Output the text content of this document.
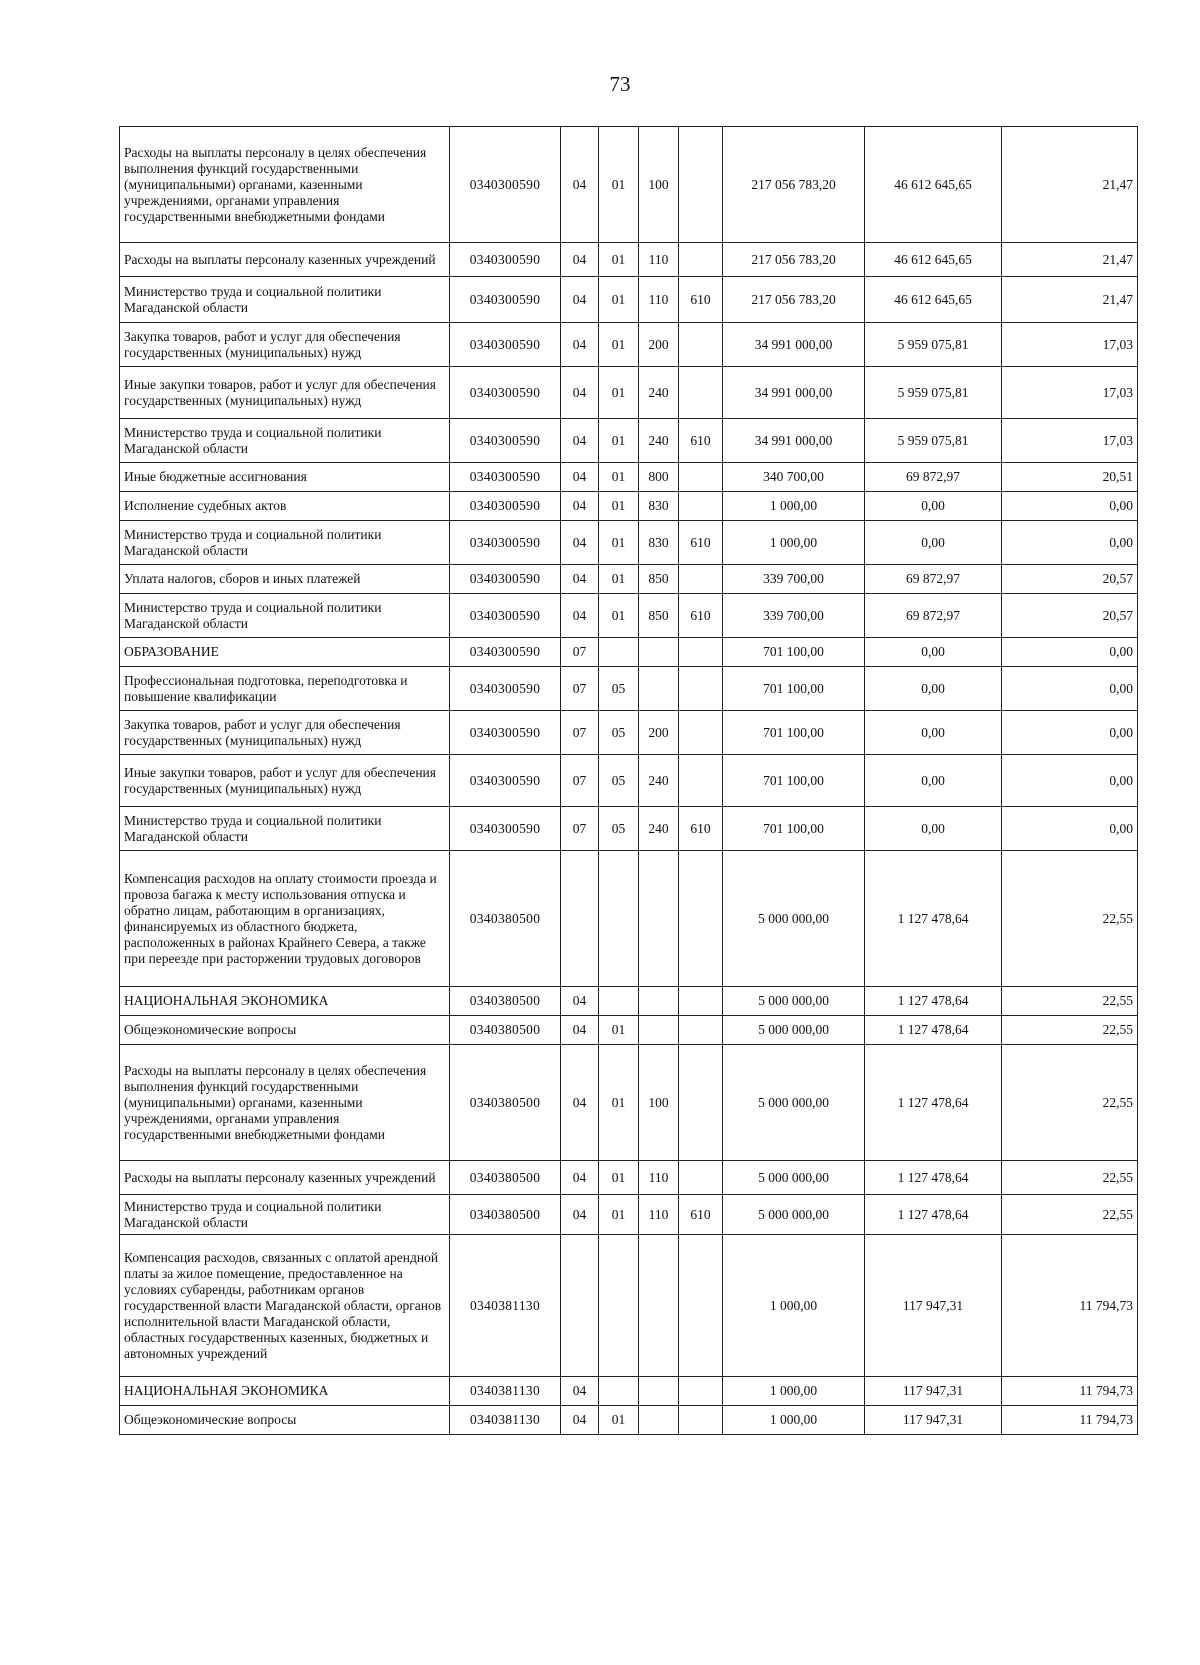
73
Расходы на выплаты персоналу в целях обеспечения выполнения функций государственными (муниципальными) органами, казенными учреждениями, органами управления государственными внебюджетными фондами	0340300590	04	01	100		217 056 783,20	46 612 645,65	21,47
Расходы на выплаты персоналу казенных учреждений	0340300590	04	01	110		217 056 783,20	46 612 645,65	21,47
Министерство труда и социальной политики Магаданской области	0340300590	04	01	110	610	217 056 783,20	46 612 645,65	21,47
Закупка товаров, работ и услуг для обеспечения государственных (муниципальных) нужд	0340300590	04	01	200		34 991 000,00	5 959 075,81	17,03
Иные закупки товаров, работ и услуг для обеспечения государственных (муниципальных) нужд	0340300590	04	01	240		34 991 000,00	5 959 075,81	17,03
Министерство труда и социальной политики Магаданской области	0340300590	04	01	240	610	34 991 000,00	5 959 075,81	17,03
Иные бюджетные ассигнования	0340300590	04	01	800		340 700,00	69 872,97	20,51
Исполнение судебных актов	0340300590	04	01	830		1 000,00	0,00	0,00
Министерство труда и социальной политики Магаданской области	0340300590	04	01	830	610	1 000,00	0,00	0,00
Уплата налогов, сборов и иных платежей	0340300590	04	01	850		339 700,00	69 872,97	20,57
Министерство труда и социальной политики Магаданской области	0340300590	04	01	850	610	339 700,00	69 872,97	20,57
ОБРАЗОВАНИЕ	0340300590	07				701 100,00	0,00	0,00
Профессиональная подготовка, переподготовка и повышение квалификации	0340300590	07	05			701 100,00	0,00	0,00
Закупка товаров, работ и услуг для обеспечения государственных (муниципальных) нужд	0340300590	07	05	200		701 100,00	0,00	0,00
Иные закупки товаров, работ и услуг для обеспечения государственных (муниципальных) нужд	0340300590	07	05	240		701 100,00	0,00	0,00
Министерство труда и социальной политики Магаданской области	0340300590	07	05	240	610	701 100,00	0,00	0,00
Компенсация расходов на оплату стоимости проезда и провоза багажа к месту использования отпуска и обратно лицам, работающим в организациях, финансируемых из областного бюджета, расположенных в районах Крайнего Севера, а также при переезде при расторжении трудовых договоров	0340380500					5 000 000,00	1 127 478,64	22,55
НАЦИОНАЛЬНАЯ ЭКОНОМИКА	0340380500	04				5 000 000,00	1 127 478,64	22,55
Общеэкономические вопросы	0340380500	04	01			5 000 000,00	1 127 478,64	22,55
Расходы на выплаты персоналу в целях обеспечения выполнения функций государственными (муниципальными) органами, казенными учреждениями, органами управления государственными внебюджетными фондами	0340380500	04	01	100		5 000 000,00	1 127 478,64	22,55
Расходы на выплаты персоналу казенных учреждений	0340380500	04	01	110		5 000 000,00	1 127 478,64	22,55
Министерство труда и социальной политики Магаданской области	0340380500	04	01	110	610	5 000 000,00	1 127 478,64	22,55
Компенсация расходов, связанных с оплатой арендной платы за жилое помещение, предоставленное на условиях субаренды, работникам органов государственной власти Магаданской области, органов исполнительной власти Магаданской области, областных государственных казенных, бюджетных и автономных учреждений	0340381130					1 000,00	117 947,31	11 794,73
НАЦИОНАЛЬНАЯ ЭКОНОМИКА	0340381130	04				1 000,00	117 947,31	11 794,73
Общеэкономические вопросы	0340381130	04	01			1 000,00	117 947,31	11 794,73
